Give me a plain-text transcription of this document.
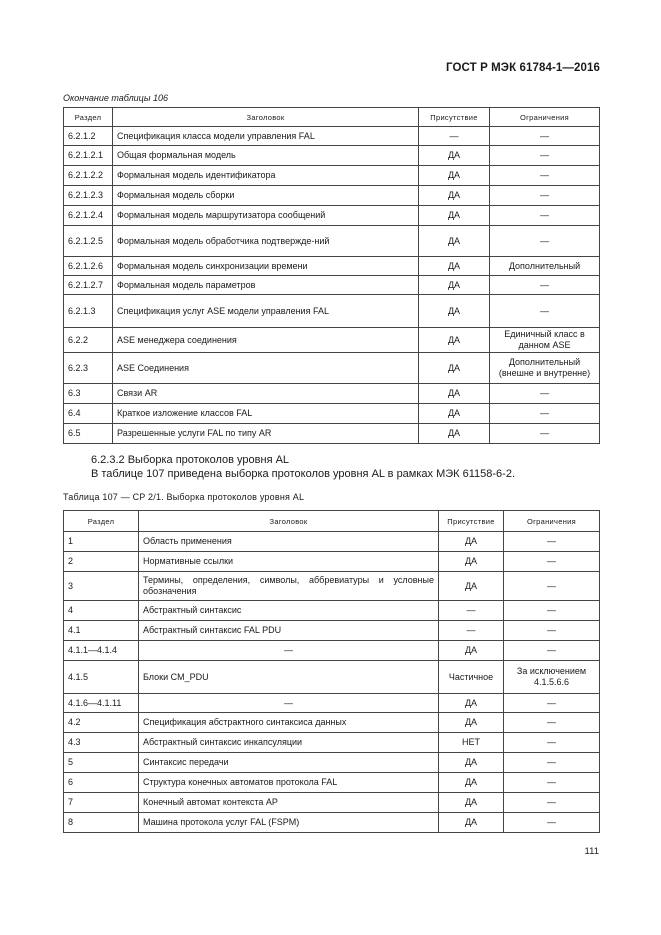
ГОСТ Р МЭК 61784-1—2016
Окончание таблицы 106
Раздел	Заголовок	Присутствие	Ограничения
6.2.1.2	Спецификация класса модели управления FAL	—	—
6.2.1.2.1	Общая формальная модель	ДА	—
6.2.1.2.2	Формальная модель идентификатора	ДА	—
6.2.1.2.3	Формальная модель сборки	ДА	—
6.2.1.2.4	Формальная модель маршрутизатора сообщений	ДА	—
6.2.1.2.5	Формальная модель обработчика подтвержде-ний	ДА	—
6.2.1.2.6	Формальная модель синхронизации времени	ДА	Дополнительный
6.2.1.2.7	Формальная модель параметров	ДА	—
6.2.1.3	Спецификация услуг ASE модели управления FAL	ДА	—
6.2.2	ASE менеджера соединения	ДА	Единичный класс в данном ASE
6.2.3	ASE Соединения	ДА	Дополнительный (внешне и внутренне)
6.3	Связи AR	ДА	—
6.4	Краткое изложение классов FAL	ДА	—
6.5	Разрешенные услуги FAL по типу AR	ДА	—
6.2.3.2 Выборка протоколов уровня AL
В таблице 107 приведена выборка протоколов уровня AL в рамках МЭК 61158-6-2.
Таблица 107 — CP 2/1. Выборка протоколов уровня AL
Раздел	Заголовок	Присутствие	Ограничения
1	Область применения	ДА	—
2	Нормативные ссылки	ДА	—
3	Термины, определения, символы, аббревиатуры и условные обозначения	ДА	—
4	Абстрактный синтаксис	—	—
4.1	Абстрактный синтаксис FAL PDU	—	—
4.1.1—4.1.4	—	ДА	—
4.1.5	Блоки CM_PDU	Частичное	За исключением 4.1.5.6.6
4.1.6—4.1.11	—	ДА	—
4.2	Спецификация абстрактного синтаксиса данных	ДА	—
4.3	Абстрактный синтаксис инкапсуляции	НЕТ	—
5	Синтаксис передачи	ДА	—
6	Структура конечных автоматов протокола FAL	ДА	—
7	Конечный автомат контекста AP	ДА	—
8	Машина протокола услуг FAL (FSPM)	ДА	—
111
